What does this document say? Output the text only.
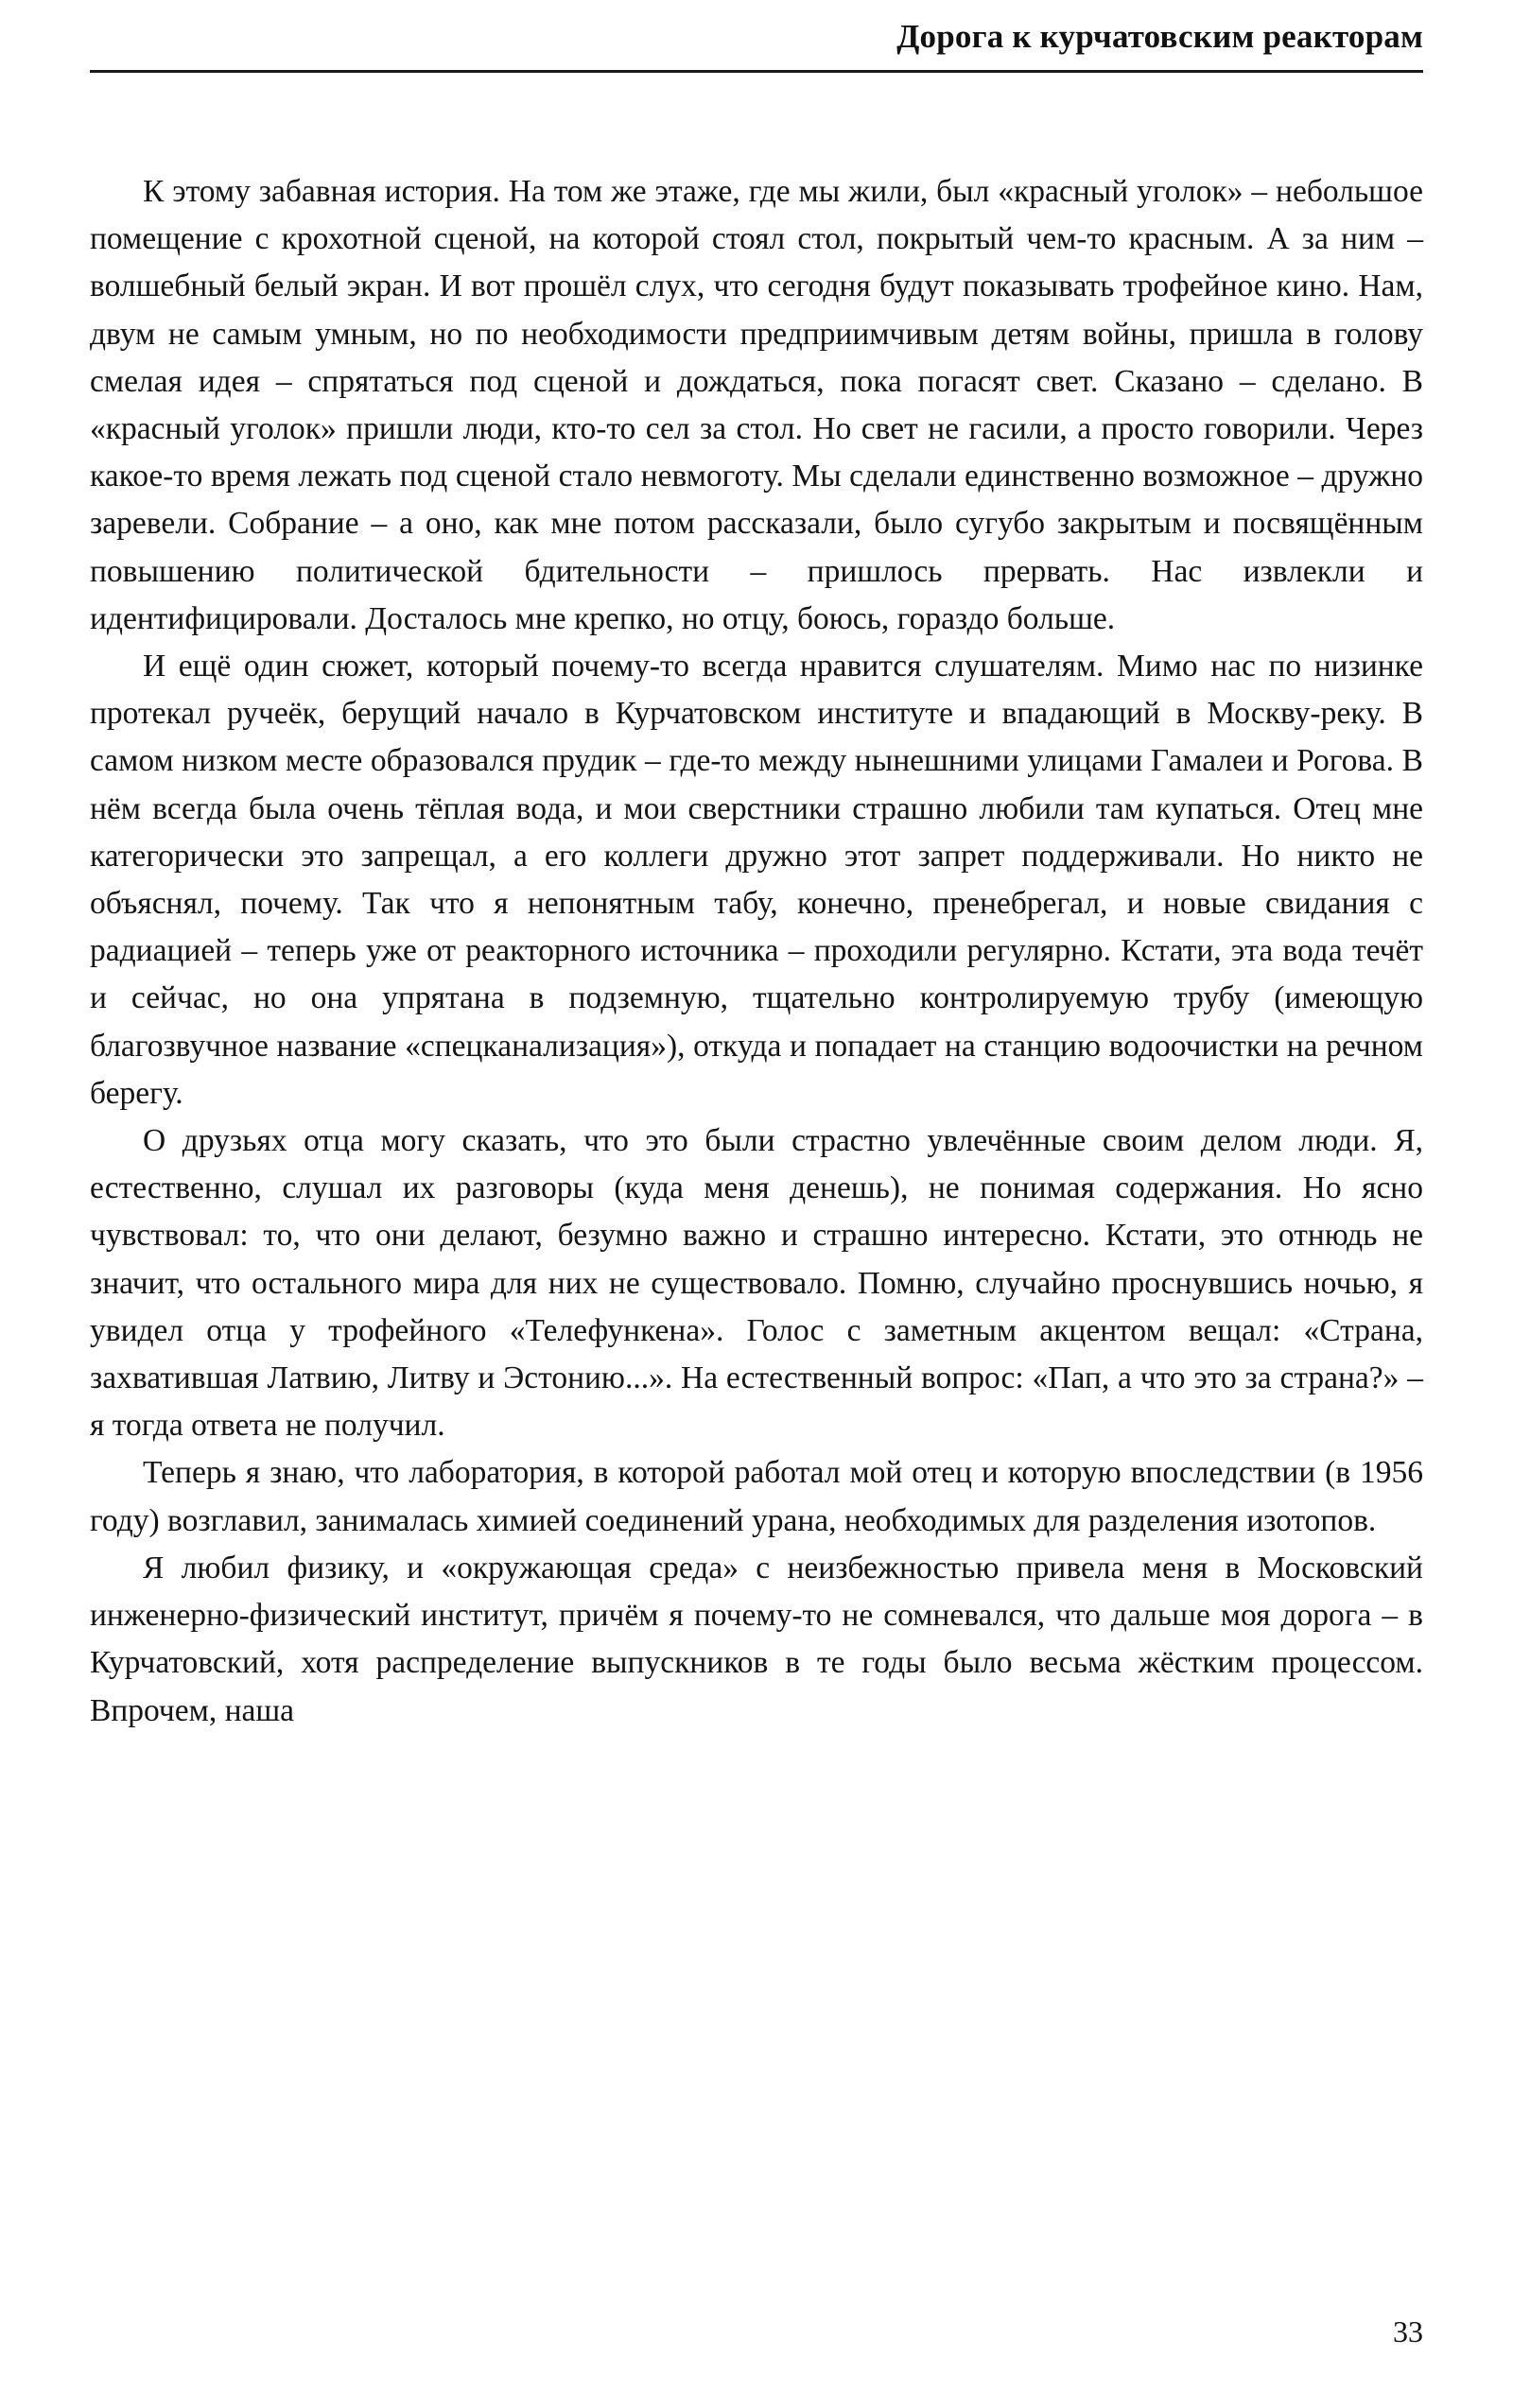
Дорога к курчатовским реакторам

К этому забавная история. На том же этаже, где мы жили, был «красный уголок» – небольшое помещение с крохотной сценой, на которой стоял стол, покрытый чем-то красным. А за ним – волшебный белый экран. И вот прошёл слух, что сегодня будут показывать трофейное кино. Нам, двум не самым умным, но по необходимости предприимчивым детям войны, пришла в голову смелая идея – спрятаться под сценой и дождаться, пока погасят свет. Сказано – сделано. В «красный уголок» пришли люди, кто-то сел за стол. Но свет не гасили, а просто говорили. Через какое-то время лежать под сценой стало невмоготу. Мы сделали единственно возможное – дружно заревели. Собрание – а оно, как мне потом рассказали, было сугубо закрытым и посвящённым повышению политической бдительности – пришлось прервать. Нас извлекли и идентифицировали. Досталось мне крепко, но отцу, боюсь, гораздо больше.

И ещё один сюжет, который почему-то всегда нравится слушателям. Мимо нас по низинке протекал ручеёк, берущий начало в Курчатовском институте и впадающий в Москву-реку. В самом низком месте образовался прудик – где-то между нынешними улицами Гамалеи и Рогова. В нём всегда была очень тёплая вода, и мои сверстники страшно любили там купаться. Отец мне категорически это запрещал, а его коллеги дружно этот запрет поддерживали. Но никто не объяснял, почему. Так что я непонятным табу, конечно, пренебрегал, и новые свидания с радиацией – теперь уже от реакторного источника – проходили регулярно. Кстати, эта вода течёт и сейчас, но она упрятана в подземную, тщательно контролируемую трубу (имеющую благозвучное название «спецканализация»), откуда и попадает на станцию водоочистки на речном берегу.

О друзьях отца могу сказать, что это были страстно увлечённые своим делом люди. Я, естественно, слушал их разговоры (куда меня денешь), не понимая содержания. Но ясно чувствовал: то, что они делают, безумно важно и страшно интересно. Кстати, это отнюдь не значит, что остального мира для них не существовало. Помню, случайно проснувшись ночью, я увидел отца у трофейного «Телефункена». Голос с заметным акцентом вещал: «Страна, захватившая Латвию, Литву и Эстонию...». На естественный вопрос: «Пап, а что это за страна?» – я тогда ответа не получил.

Теперь я знаю, что лаборатория, в которой работал мой отец и которую впоследствии (в 1956 году) возглавил, занималась химией соединений урана, необходимых для разделения изотопов.

Я любил физику, и «окружающая среда» с неизбежностью привела меня в Московский инженерно-физический институт, причём я почему-то не сомневался, что дальше моя дорога – в Курчатовский, хотя распределение выпускников в те годы было весьма жёстким процессом. Впрочем, наша

33
